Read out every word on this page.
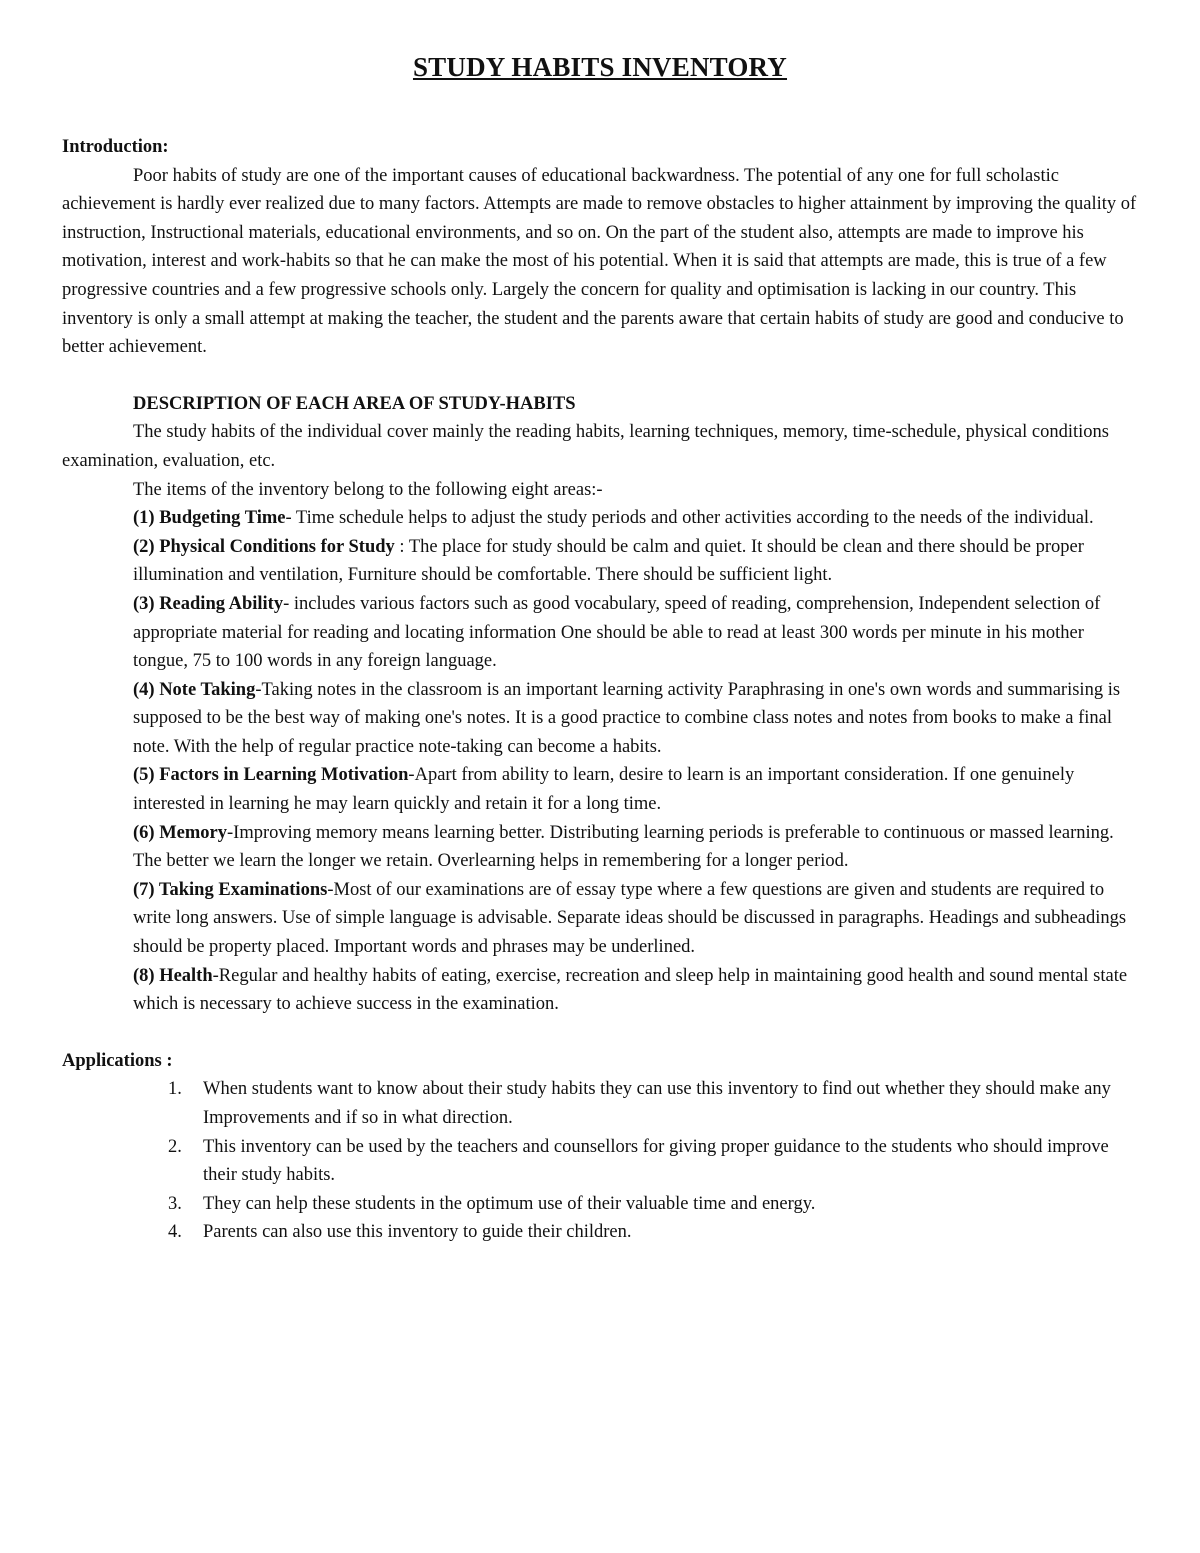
STUDY HABITS INVENTORY

Introduction:

Poor habits of study are one of the important causes of educational backwardness. The potential of any one for full scholastic achievement is hardly ever realized due to many factors. Attempts are made to remove obstacles to higher attainment by improving the quality of instruction, Instructional materials, educational environments, and so on. On the part of the student also, attempts are made to improve his motivation, interest and work-habits so that he can make the most of his potential. When it is said that attempts are made, this is true of a few progressive countries and a few progressive schools only. Largely the concern for quality and optimisation is lacking in our country. This inventory is only a small attempt at making the teacher, the student and the parents aware that certain habits of study are good and conducive to better achievement.

DESCRIPTION OF EACH AREA OF STUDY-HABITS

The study habits of the individual cover mainly the reading habits, learning techniques, memory, time-schedule, physical conditions examination, evaluation, etc.

The items of the inventory belong to the following eight areas:-

(1) Budgeting Time- Time schedule helps to adjust the study periods and other activities according to the needs of the individual.

(2) Physical Conditions for Study : The place for study should be calm and quiet. It should be clean and there should be proper illumination and ventilation, Furniture should be comfortable. There should be sufficient light.

(3) Reading Ability- includes various factors such as good vocabulary, speed of reading, comprehension, Independent selection of appropriate material for reading and locating information One should be able to read at least 300 words per minute in his mother tongue, 75 to 100 words in any foreign language.

(4) Note Taking-Taking notes in the classroom is an important learning activity Paraphrasing in one's own words and summarising is supposed to be the best way of making one's notes. It is a good practice to combine class notes and notes from books to make a final note. With the help of regular practice note-taking can become a habits.

(5) Factors in Learning Motivation-Apart from ability to learn, desire to learn is an important consideration. If one genuinely interested in learning he may learn quickly and retain it for a long time.

(6) Memory-Improving memory means learning better. Distributing learning periods is preferable to continuous or massed learning. The better we learn the longer we retain. Overlearning helps in remembering for a longer period.

(7) Taking Examinations-Most of our examinations are of essay type where a few questions are given and students are required to write long answers. Use of simple language is advisable. Separate ideas should be discussed in paragraphs. Headings and subheadings should be property placed. Important words and phrases may be underlined.

(8) Health-Regular and healthy habits of eating, exercise, recreation and sleep help in maintaining good health and sound mental state which is necessary to achieve success in the examination.

Applications :

1. When students want to know about their study habits they can use this inventory to find out whether they should make any Improvements and if so in what direction.
2. This inventory can be used by the teachers and counsellors for giving proper guidance to the students who should improve their study habits.
3. They can help these students in the optimum use of their valuable time and energy.
4. Parents can also use this inventory to guide their children.
